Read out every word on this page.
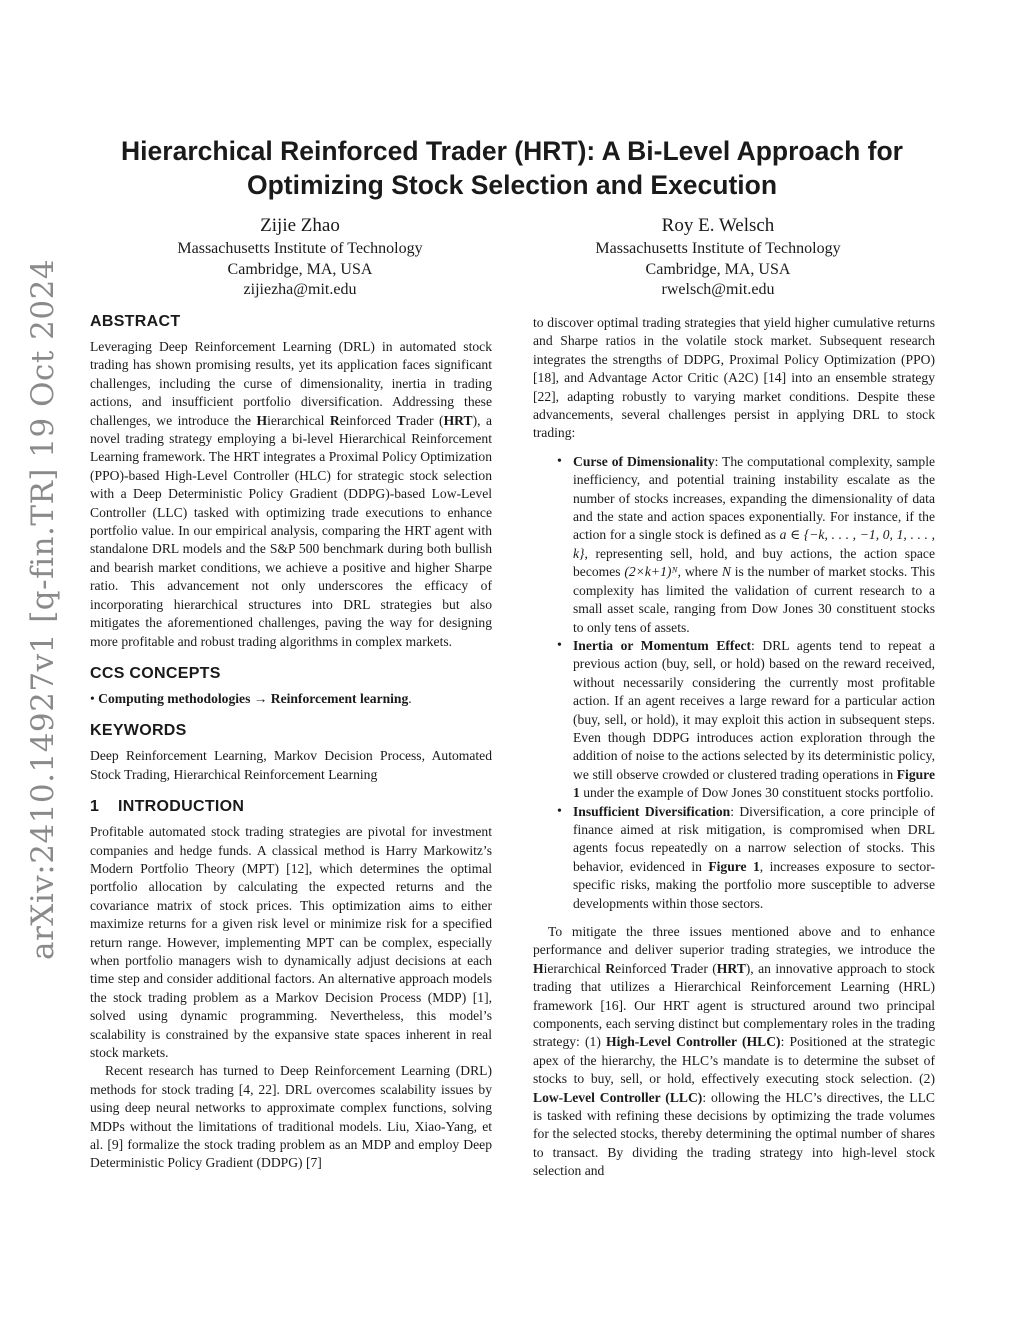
arXiv:2410.14927v1 [q-fin.TR] 19 Oct 2024
Hierarchical Reinforced Trader (HRT): A Bi-Level Approach for Optimizing Stock Selection and Execution
Zijie Zhao
Massachusetts Institute of Technology
Cambridge, MA, USA
zijiezha@mit.edu
Roy E. Welsch
Massachusetts Institute of Technology
Cambridge, MA, USA
rwelsch@mit.edu
ABSTRACT

Leveraging Deep Reinforcement Learning (DRL) in automated stock trading has shown promising results, yet its application faces significant challenges, including the curse of dimensionality, inertia in trading actions, and insufficient portfolio diversification. Addressing these challenges, we introduce the Hierarchical Reinforced Trader (HRT), a novel trading strategy employing a bi-level Hierarchical Reinforcement Learning framework. The HRT integrates a Proximal Policy Optimization (PPO)-based High-Level Controller (HLC) for strategic stock selection with a Deep Deterministic Policy Gradient (DDPG)-based Low-Level Controller (LLC) tasked with optimizing trade executions to enhance portfolio value. In our empirical analysis, comparing the HRT agent with standalone DRL models and the S&P 500 benchmark during both bullish and bearish market conditions, we achieve a positive and higher Sharpe ratio. This advancement not only underscores the efficacy of incorporating hierarchical structures into DRL strategies but also mitigates the aforementioned challenges, paving the way for designing more profitable and robust trading algorithms in complex markets.

CCS CONCEPTS

• Computing methodologies → Reinforcement learning.

KEYWORDS

Deep Reinforcement Learning, Markov Decision Process, Automated Stock Trading, Hierarchical Reinforcement Learning

1 INTRODUCTION

Profitable automated stock trading strategies are pivotal for investment companies and hedge funds. A classical method is Harry Markowitz’s Modern Portfolio Theory (MPT) [12], which determines the optimal portfolio allocation by calculating the expected returns and the covariance matrix of stock prices. This optimization aims to either maximize returns for a given risk level or minimize risk for a specified return range. However, implementing MPT can be complex, especially when portfolio managers wish to dynamically adjust decisions at each time step and consider additional factors. An alternative approach models the stock trading problem as a Markov Decision Process (MDP) [1], solved using dynamic programming. Nevertheless, this model’s scalability is constrained by the expansive state spaces inherent in real stock markets.

Recent research has turned to Deep Reinforcement Learning (DRL) methods for stock trading [4, 22]. DRL overcomes scalability issues by using deep neural networks to approximate complex functions, solving MDPs without the limitations of traditional models. Liu, Xiao-Yang, et al. [9] formalize the stock trading problem as an MDP and employ Deep Deterministic Policy Gradient (DDPG) [7]

to discover optimal trading strategies that yield higher cumulative returns and Sharpe ratios in the volatile stock market. Subsequent research integrates the strengths of DDPG, Proximal Policy Optimization (PPO) [18], and Advantage Actor Critic (A2C) [14] into an ensemble strategy [22], adapting robustly to varying market conditions. Despite these advancements, several challenges persist in applying DRL to stock trading:

• Curse of Dimensionality: The computational complexity, sample inefficiency, and potential training instability escalate as the number of stocks increases, expanding the dimensionality of data and the state and action spaces exponentially. For instance, if the action for a single stock is defined as a ∈ {−k, . . . , −1, 0, 1, . . . , k}, representing sell, hold, and buy actions, the action space becomes (2×k+1)ᴺ, where N is the number of market stocks. This complexity has limited the validation of current research to a small asset scale, ranging from Dow Jones 30 constituent stocks to only tens of assets.
• Inertia or Momentum Effect: DRL agents tend to repeat a previous action (buy, sell, or hold) based on the reward received, without necessarily considering the currently most profitable action. If an agent receives a large reward for a particular action (buy, sell, or hold), it may exploit this action in subsequent steps. Even though DDPG introduces action exploration through the addition of noise to the actions selected by its deterministic policy, we still observe crowded or clustered trading operations in Figure 1 under the example of Dow Jones 30 constituent stocks portfolio.
• Insufficient Diversification: Diversification, a core principle of finance aimed at risk mitigation, is compromised when DRL agents focus repeatedly on a narrow selection of stocks. This behavior, evidenced in Figure 1, increases exposure to sector-specific risks, making the portfolio more susceptible to adverse developments within those sectors.

To mitigate the three issues mentioned above and to enhance performance and deliver superior trading strategies, we introduce the Hierarchical Reinforced Trader (HRT), an innovative approach to stock trading that utilizes a Hierarchical Reinforcement Learning (HRL) framework [16]. Our HRT agent is structured around two principal components, each serving distinct but complementary roles in the trading strategy: (1) High-Level Controller (HLC): Positioned at the strategic apex of the hierarchy, the HLC’s mandate is to determine the subset of stocks to buy, sell, or hold, effectively executing stock selection. (2) Low-Level Controller (LLC): ollowing the HLC’s directives, the LLC is tasked with refining these decisions by optimizing the trade volumes for the selected stocks, thereby determining the optimal number of shares to transact. By dividing the trading strategy into high-level stock selection and
